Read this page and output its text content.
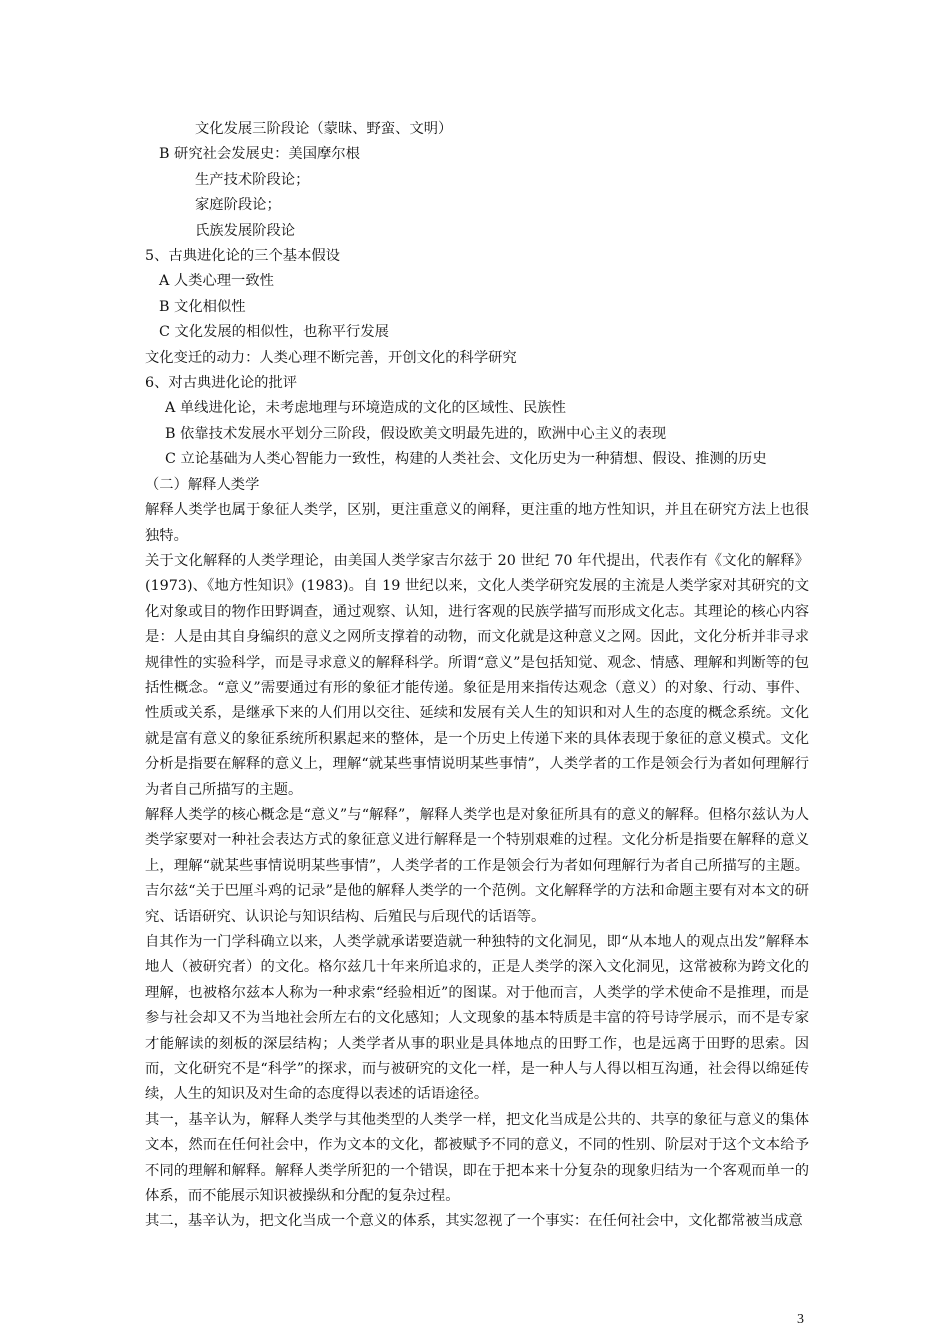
文化发展三阶段论（蒙昧、野蛮、文明）

B 研究社会发展史：美国摩尔根

生产技术阶段论；

家庭阶段论；

氏族发展阶段论

5、古典进化论的三个基本假设

A 人类心理一致性

B 文化相似性

C 文化发展的相似性，也称平行发展

文化变迁的动力：人类心理不断完善，开创文化的科学研究

6、对古典进化论的批评

A 单线进化论，未考虑地理与环境造成的文化的区域性、民族性

B 依靠技术发展水平划分三阶段，假设欧美文明最先进的，欧洲中心主义的表现

C 立论基础为人类心智能力一致性，构建的人类社会、文化历史为一种猜想、假设、推测的历史

（二）解释人类学

解释人类学也属于象征人类学，区别，更注重意义的阐释，更注重的地方性知识，并且在研究方法上也很独特。

关于文化解释的人类学理论，由美国人类学家吉尔兹于 20 世纪 70 年代提出，代表作有《文化的解释》(1973)、《地方性知识》(1983)。自 19 世纪以来，文化人类学研究发展的主流是人类学家对其研究的文化对象或目的物作田野调查，通过观察、认知，进行客观的民族学描写而形成文化志。其理论的核心内容是：人是由其自身编织的意义之网所支撑着的动物，而文化就是这种意义之网。因此，文化分析并非寻求规律性的实验科学，而是寻求意义的解释科学。所谓“意义”是包括知觉、观念、情感、理解和判断等的包括性概念。“意义”需要通过有形的象征才能传递。象征是用来指传达观念（意义）的对象、行动、事件、性质或关系，是继承下来的人们用以交往、延续和发展有关人生的知识和对人生的态度的概念系统。文化就是富有意义的象征系统所积累起来的整体，是一个历史上传递下来的具体表现于象征的意义模式。文化分析是指要在解释的意义上，理解“就某些事情说明某些事情”，人类学者的工作是领会行为者如何理解行为者自己所描写的主题。

解释人类学的核心概念是“意义”与“解释”，解释人类学也是对象征所具有的意义的解释。但格尔兹认为人类学家要对一种社会表达方式的象征意义进行解释是一个特别艰难的过程。文化分析是指要在解释的意义上，理解“就某些事情说明某些事情”，人类学者的工作是领会行为者如何理解行为者自己所描写的主题。吉尔兹“关于巴厘斗鸡的记录”是他的解释人类学的一个范例。文化解释学的方法和命题主要有对本文的研究、话语研究、认识论与知识结构、后殖民与后现代的话语等。

自其作为一门学科确立以来，人类学就承诺要造就一种独特的文化洞见，即“从本地人的观点出发”解释本地人（被研究者）的文化。格尔兹几十年来所追求的，正是人类学的深入文化洞见，这常被称为跨文化的理解，也被格尔兹本人称为一种求索“经验相近”的图谋。对于他而言，人类学的学术使命不是推理，而是参与社会却又不为当地社会所左右的文化感知；人文现象的基本特质是丰富的符号诗学展示，而不是专家才能解读的刻板的深层结构；人类学者从事的职业是具体地点的田野工作，也是远离于田野的思索。因而，文化研究不是“科学”的探求，而与被研究的文化一样，是一种人与人得以相互沟通，社会得以绵延传续，人生的知识及对生命的态度得以表述的话语途径。

其一，基辛认为，解释人类学与其他类型的人类学一样，把文化当成是公共的、共享的象征与意义的集体文本，然而在任何社会中，作为文本的文化，都被赋予不同的意义，不同的性别、阶层对于这个文本给予不同的理解和解释。解释人类学所犯的一个错误，即在于把本来十分复杂的现象归结为一个客观而单一的体系，而不能展示知识被操纵和分配的复杂过程。

其二，基辛认为，把文化当成一个意义的体系，其实忽视了一个事实：在任何社会中，文化都常被当成意

3
